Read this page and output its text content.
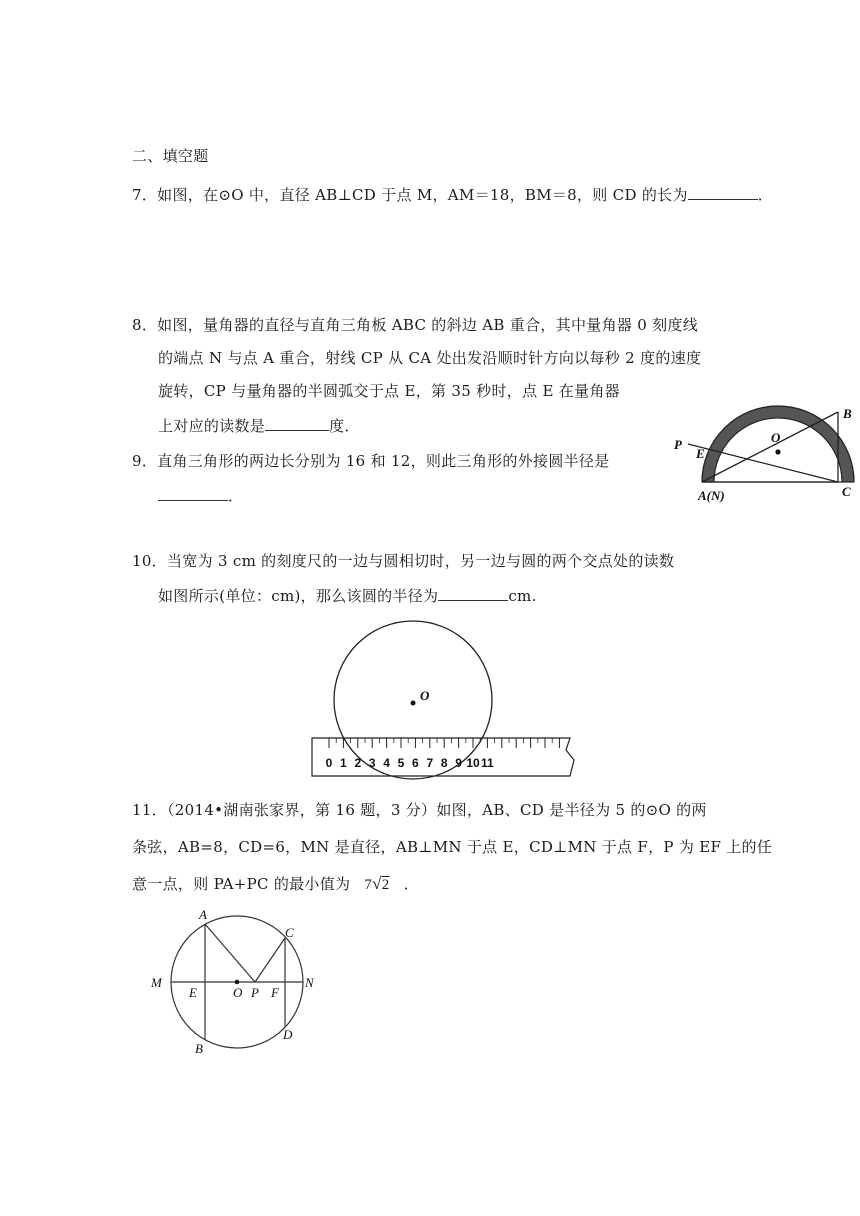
二、填空题
7．如图，在⊙O 中，直径 AB⊥CD 于点 M，AM＝18，BM＝8，则 CD 的长为	．
8．如图，量角器的直径与直角三角板 ABC 的斜边 AB 重合，其中量角器 0 刻度线
的端点 N 与点 A 重合，射线 CP 从 CA 处出发沿顺时针方向以每秒 2 度的速度
旋转，CP 与量角器的半圆弧交于点 E，第 35 秒时，点 E 在量角器
上对应的读数是	度．
P
E
O
B
C
A(N)
9．直角三角形的两边长分别为 16 和 12，则此三角形的外接圆半径是
．
10．当宽为 3 cm 的刻度尺的一边与圆相切时，另一边与圆的两个交点处的读数
如图所示(单位：cm)，那么该圆的半径为	cm.
0 1 2 3 4 5 6 7 8 9 10 11
O
11．（2014•湖南张家界，第 16 题，3 分）如图，AB、CD 是半径为 5 的⊙O 的两
条弦，AB=8，CD=6，MN 是直径，AB⊥MN 于点 E，CD⊥MN 于点 F，P 为 EF 上的任
意一点，则 PA+PC 的最小值为 7√2 ．
A
B
C
D
M	N
E	O P F
